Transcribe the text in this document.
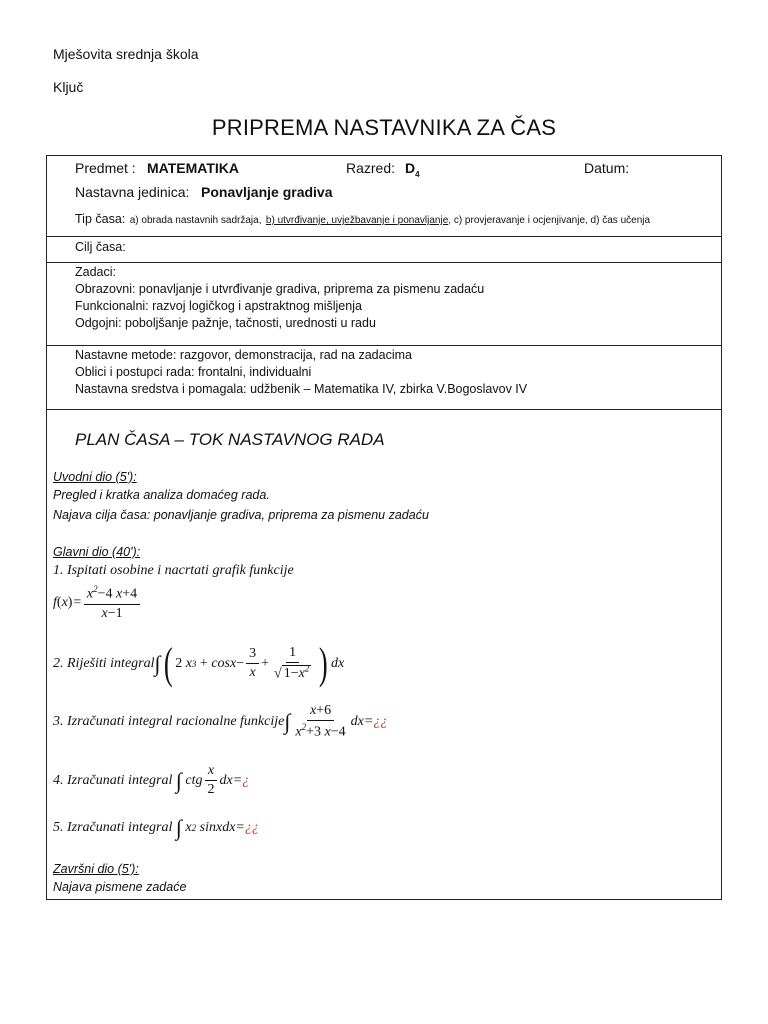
Mješovita srednja škola
Ključ
PRIPREMA NASTAVNIKA ZA ČAS
Predmet : MATEMATIKA	Razred: $D_4$	Datum:
Nastavna jedinica: Ponavljanje gradiva
Tip časa: a) obrada nastavnih sadržaja, b) utvrđivanje, uvježbavanje i ponavljanje, c) provjeravanje i ocjenjivanje, d) čas učenja
Cilj časa:
Zadaci:
Obrazovni: ponavljanje i utvrđivanje gradiva, priprema za pismenu zadaću
Funkcionalni: razvoj logičkog i apstraktnog mišljenja
Odgojni: poboljšanje pažnje, tačnosti, urednosti u radu
Nastavne metode: razgovor, demonstracija, rad na zadacima
Oblici i postupci rada: frontalni, individualni
Nastavna sredstva i pomagala: udžbenik – Matematika IV, zbirka V.Bogoslavov IV
PLAN ČASA – TOK NASTAVNOG RADA
Uvodni dio (5'):
Pregled i kratka analiza domaćeg rada.
Najava cilja časa: ponavljanje gradiva, priprema za pismenu zadaću
Glavni dio (40'):
1. Ispitati osobine i nacrtati grafik funkcije
$f(x)= \frac{x^2-4 x+4}{x-1}$
2. Riješiti integral ∫ ( 2 x 3
+ $\cos x - \frac{3}{x} + \frac{1}{√ 1-x^2}$ ) dx
3. Izračunati integral racionalne funkcije ∫ $\frac{x+6}{x^2+3 x-4} dx=$ ¿¿
4. Izračunati integral
∫ ctg $\frac{x}{2} dx=$ ¿
5. Izračunati integral
∫ x 2 sinxdx= ¿¿
Završni dio (5'):
Najava pismene zadaće
